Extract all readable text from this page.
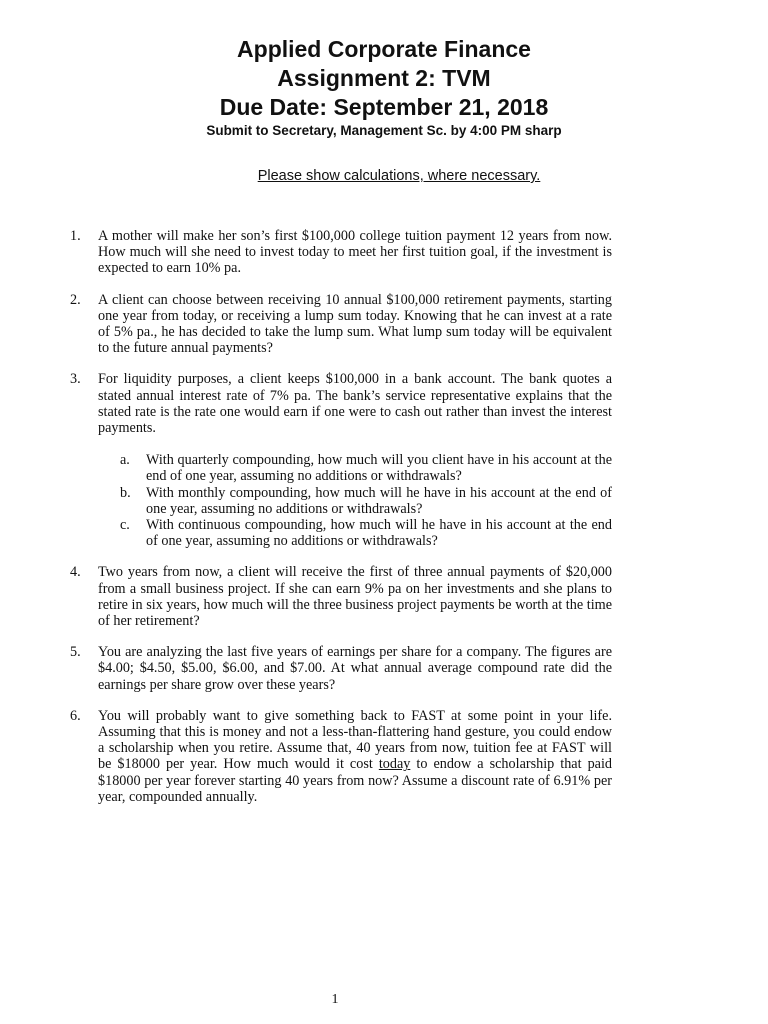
Applied Corporate Finance

Assignment 2: TVM

Due Date: September 21, 2018

Submit to Secretary, Management Sc. by 4:00 PM sharp

Please show calculations, where necessary.
1. A mother will make her son’s first $100,000 college tuition payment 12 years from now. How much will she need to invest today to meet her first tuition goal, if the investment is expected to earn 10% pa.
2. A client can choose between receiving 10 annual $100,000 retirement payments, starting one year from today, or receiving a lump sum today. Knowing that he can invest at a rate of 5% pa., he has decided to take the lump sum. What lump sum today will be equivalent to the future annual payments?
3. For liquidity purposes, a client keeps $100,000 in a bank account. The bank quotes a stated annual interest rate of 7% pa. The bank’s service representative explains that the stated rate is the rate one would earn if one were to cash out rather than invest the interest payments.
a. With quarterly compounding, how much will you client have in his account at the end of one year, assuming no additions or withdrawals?
b. With monthly compounding, how much will he have in his account at the end of one year, assuming no additions or withdrawals?
c. With continuous compounding, how much will he have in his account at the end of one year, assuming no additions or withdrawals?
4. Two years from now, a client will receive the first of three annual payments of $20,000 from a small business project. If she can earn 9% pa on her investments and she plans to retire in six years, how much will the three business project payments be worth at the time of her retirement?
5. You are analyzing the last five years of earnings per share for a company. The figures are $4.00; $4.50, $5.00, $6.00, and $7.00. At what annual average compound rate did the earnings per share grow over these years?
6. You will probably want to give something back to FAST at some point in your life. Assuming that this is money and not a less-than-flattering hand gesture, you could endow a scholarship when you retire. Assume that, 40 years from now, tuition fee at FAST will be $18000 per year. How much would it cost today to endow a scholarship that paid $18000 per year forever starting 40 years from now? Assume a discount rate of 6.91% per year, compounded annually.
1
